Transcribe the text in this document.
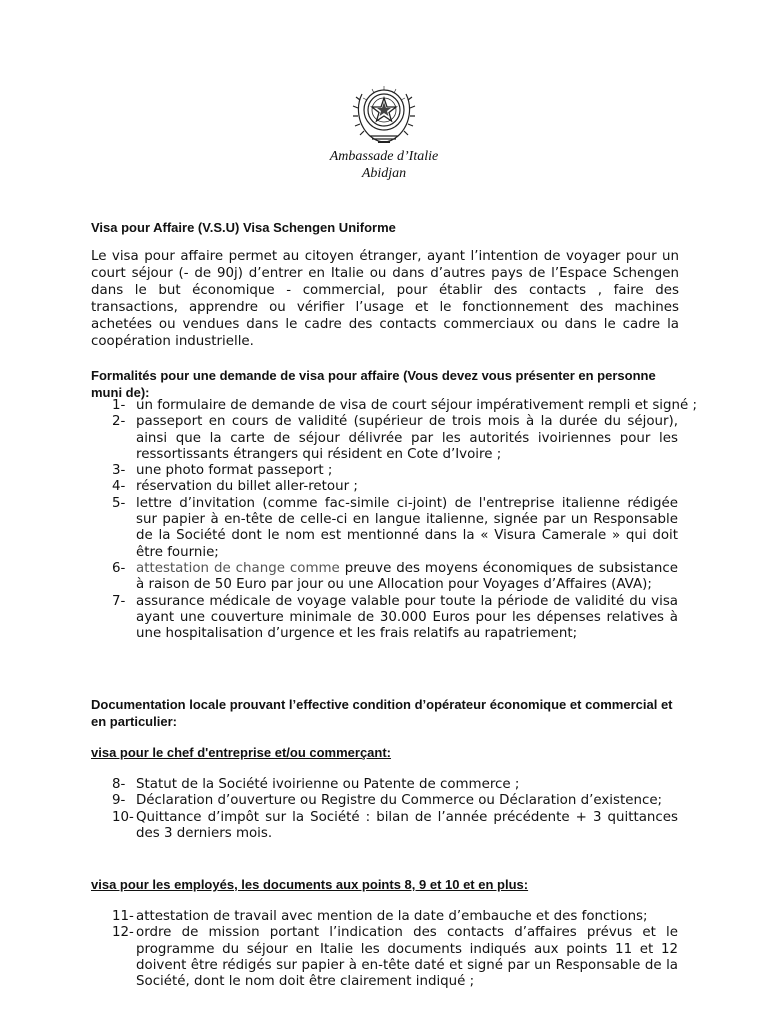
Ambassade d’Italie
Abidjan
Visa pour Affaire (V.S.U) Visa Schengen Uniforme
Le visa pour affaire permet au citoyen étranger, ayant l’intention de voyager pour un court séjour (- de 90j) d’entrer en Italie ou dans d’autres pays de l’Espace Schengen dans le but économique - commercial, pour établir des contacts , faire des transactions, apprendre ou vérifier l’usage et le fonctionnement des machines achetées ou vendues dans le cadre des contacts commerciaux ou dans le cadre la coopération industrielle.
Formalités pour une demande de visa pour affaire (Vous devez vous présenter en personne muni de):
1- un formulaire de demande de visa de court séjour impérativement rempli et signé ;
2- passeport en cours de validité (supérieur de trois mois à la durée du séjour), ainsi que la carte de séjour délivrée par les autorités ivoiriennes pour les ressortissants étrangers qui résident en Cote d’Ivoire ;
3- une photo format passeport ;
4- réservation du billet aller-retour ;
5- lettre d’invitation (comme fac-simile ci-joint) de l'entreprise italienne rédigée sur papier à en-tête de celle-ci en langue italienne, signée par un Responsable de la Société dont le nom est mentionné dans la « Visura Camerale » qui doit être fournie;
6- attestation de change comme preuve des moyens économiques de subsistance à raison de 50 Euro par jour ou une Allocation pour Voyages d’Affaires (AVA);
7- assurance médicale de voyage valable pour toute la période de validité du visa ayant une couverture minimale de 30.000 Euros pour les dépenses relatives à une hospitalisation d’urgence et les frais relatifs au rapatriement;
Documentation locale prouvant l’effective condition d’opérateur économique et commercial et en particulier:
visa pour le chef d'entreprise et/ou commerçant:
8- Statut de la Société ivoirienne ou Patente de commerce ;
9- Déclaration d’ouverture ou Registre du Commerce ou Déclaration d’existence;
10- Quittance d’impôt sur la Société : bilan de l’année précédente + 3 quittances des 3 derniers mois.
visa pour les employés, les documents aux points 8, 9 et 10 et en plus:
11- attestation de travail avec mention de la date d’embauche et des fonctions;
12- ordre de mission portant l’indication des contacts d’affaires prévus et le programme du séjour en Italie les documents indiqués aux points 11 et 12 doivent être rédigés sur papier à en-tête daté et signé par un Responsable de la Société, dont le nom doit être clairement indiqué ;
